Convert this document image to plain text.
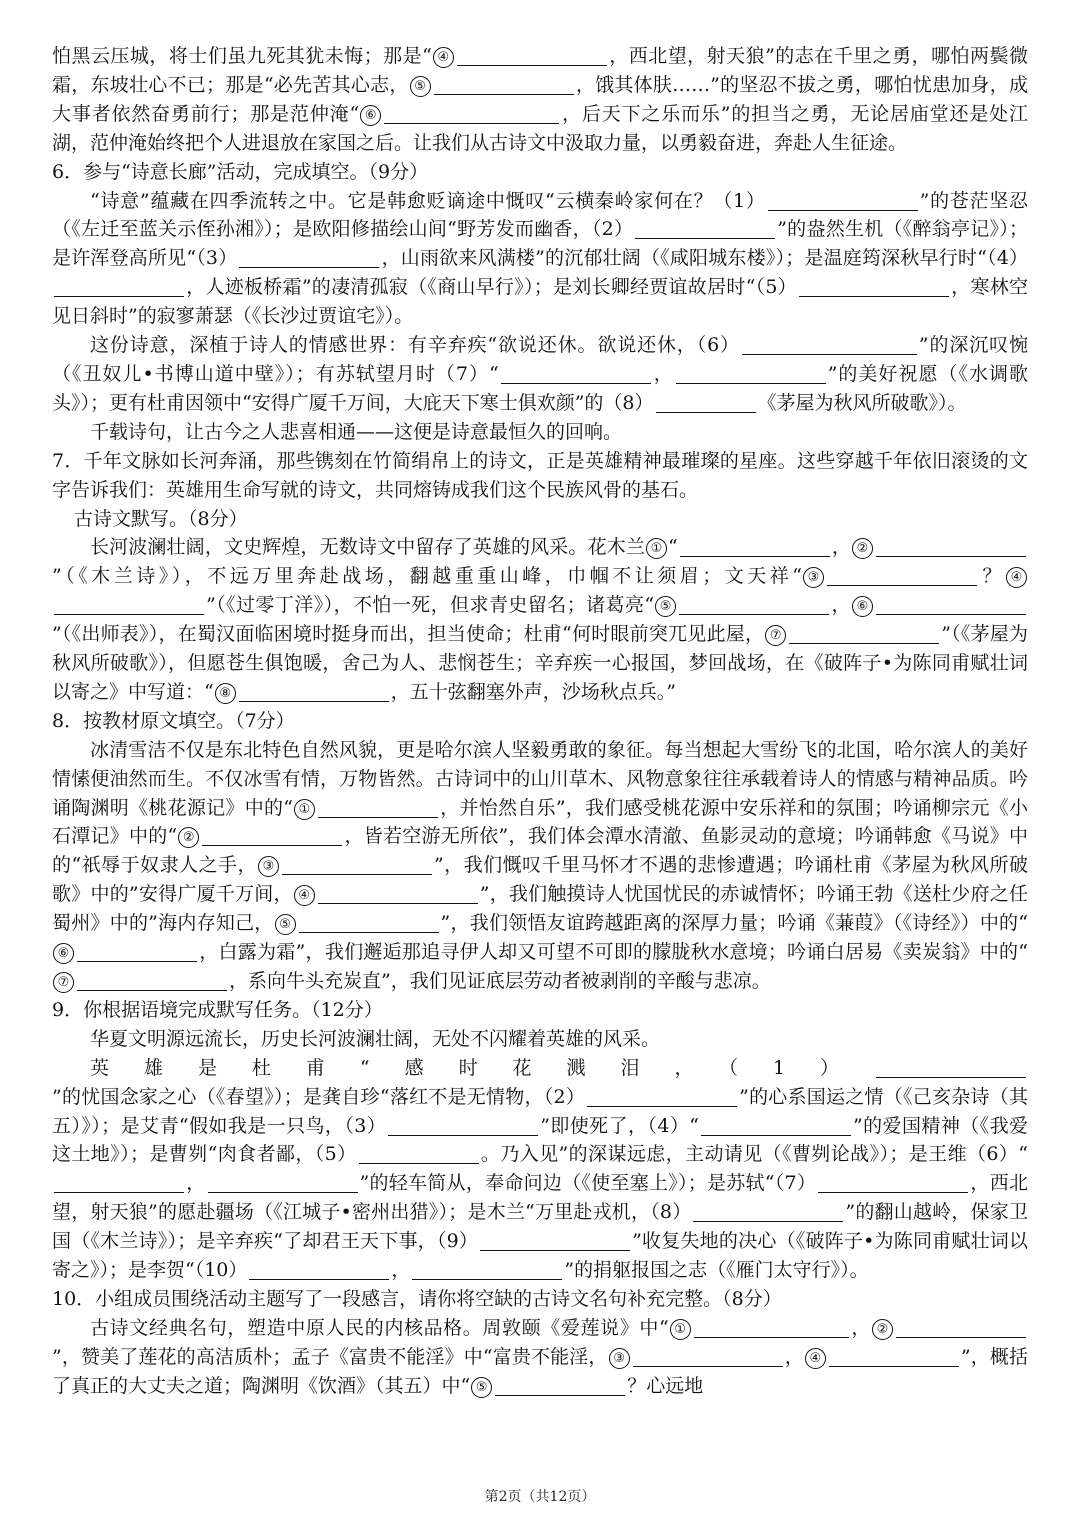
怕黑云压城，将士们虽九死其犹未悔；那是“ ④	，西北望，射天狼”的志在千里之勇，哪怕两鬓微霜，东坡壮心不已；那是“必先苦其心志， ⑤	，饿其体肤……”的坚忍不拔之勇，哪怕忧患加身，成大事者依然奋勇前行；那是范仲淹“ ⑥	，后天下之乐而乐”的担当之勇，无论居庙堂还是处江湖，范仲淹始终把个人进退放在家国之后。让我们从古诗文中汲取力量，以勇毅奋进，奔赴人生征途。

6．参与“诗意长廊”活动，完成填空。（9分）

“诗意”蕴藏在四季流转之中。它是韩愈贬谪途中慨叹“云横秦岭家何在？（1）	”的苍茫坚忍（《左迁至蓝关示侄孙湘》）；是欧阳修描绘山间“野芳发而幽香，（2）	”的盎然生机（《醉翁亭记》）；是许浑登高所见“（3）	，山雨欲来风满楼”的沉郁壮阔（《咸阳城东楼》）；是温庭筠深秋早行时“（4），人迹板桥霜”的凄清孤寂（《商山早行》）；是刘长卿经贾谊故居时“（5）	，寒林空见日斜时”的寂寥萧瑟（《长沙过贾谊宅》）。

这份诗意，深植于诗人的情感世界：有辛弃疾“欲说还休。欲说还休，（6）	”的深沉叹惋（《丑奴儿•书博山道中壁》）；有苏轼望月时（7）“	，	”的美好祝愿（《水调歌头》）；更有杜甫因领中“安得广厦千万间，大庇天下寒士俱欢颜”的（8）	《茅屋为秋风所破歌》）。

千载诗句，让古今之人悲喜相通——这便是诗意最恒久的回响。

7．千年文脉如长河奔涌，那些镌刻在竹简绢帛上的诗文，正是英雄精神最璀璨的星座。这些穿越千年依旧滚烫的文字告诉我们：英雄用生命写就的诗文，共同熔铸成我们这个民族风骨的基石。

古诗文默写。（8分）

长河波澜壮阔，文史辉煌，无数诗文中留存了英雄的风采。花木兰 ① “	， ②”（《木兰诗》），不远万里奔赴战场，翻越重重山峰，巾帼不让须眉；文天祥“ ③	？ ④”（《过零丁洋》），不怕一死，但求青史留名；诸葛亮“ ⑤	， ⑥”（《出师表》），在蜀汉面临困境时挺身而出，担当使命；杜甫“何时眼前突兀见此屋， ⑦	”（《茅屋为秋风所破歌》），但愿苍生俱饱暖，舍己为人、悲悯苍生；辛弃疾一心报国，梦回战场，在《破阵子•为陈同甫赋壮词以寄之》中写道：“ ⑧	，五十弦翻塞外声，沙场秋点兵。”

8．按教材原文填空。（7分）

冰清雪洁不仅是东北特色自然风貌，更是哈尔滨人坚毅勇敢的象征。每当想起大雪纷飞的北国，哈尔滨人的美好情愫便油然而生。不仅冰雪有情，万物皆然。古诗词中的山川草木、风物意象往往承载着诗人的情感与精神品质。吟诵陶渊明《桃花源记》中的“ ①	，并怡然自乐”，我们感受桃花源中安乐祥和的氛围；吟诵柳宗元《小石潭记》中的“ ②	，皆若空游无所依”，我们体会潭水清澈、鱼影灵动的意境；吟诵韩愈《马说》中的“祇辱于奴隶人之手， ③	”，我们慨叹千里马怀才不遇的悲惨遭遇；吟诵杜甫《茅屋为秋风所破歌》中的”安得广厦千万间， ④	”，我们触摸诗人忧国忧民的赤诚情怀；吟诵王勃《送杜少府之任蜀州》中的”海内存知己， ⑤	”，我们领悟友谊跨越距离的深厚力量；吟诵《蒹葭》（《诗经》）中的“⑥	，白露为霜”，我们邂逅那追寻伊人却又可望不可即的朦胧秋水意境；吟诵白居易《卖炭翁》中的“⑦	，系向牛头充炭直”，我们见证底层劳动者被剥削的辛酸与悲凉。

9．你根据语境完成默写任务。（12分）

华夏文明源远流长，历史长河波澜壮阔，无处不闪耀着英雄的风采。

英雄是杜甫“感时花溅泪，（1）”的忧国念家之心（《春望》）；是龚自珍“落红不是无情物，（2）	”的心系国运之情（《己亥杂诗（其五）》）；是艾青“假如我是一只鸟，（3）	”即使死了，（4）“	”的爱国精神（《我爱这土地》）；是曹刿“肉食者鄙，（5）	。乃入见”的深谋远虑，主动请见（《曹刿论战》）；是王维（6）“，	”的轻车简从，奉命问边（《使至塞上》）；是苏轼“（7）	，西北望，射天狼”的愿赴疆场（《江城子•密州出猎》）；是木兰“万里赴戎机，（8）	”的翻山越岭，保家卫国（《木兰诗》）；是辛弃疾“了却君王天下事，（9）	”收复失地的决心（《破阵子•为陈同甫赋壮词以寄之》）；是李贺“（10）	，	”的捐躯报国之志（《雁门太守行》）。

10．小组成员围绕活动主题写了一段感言，请你将空缺的古诗文名句补充完整。（8分）

古诗文经典名句，塑造中原人民的内核品格。周敦颐《爱莲说》中“ ①	， ②”，赞美了莲花的高洁质朴；孟子《富贵不能淫》中“富贵不能淫， ③	， ④	”，概括了真正的大丈夫之道；陶渊明《饮酒》（其五）中“ ⑤	？心远地

第2页（共12页）
